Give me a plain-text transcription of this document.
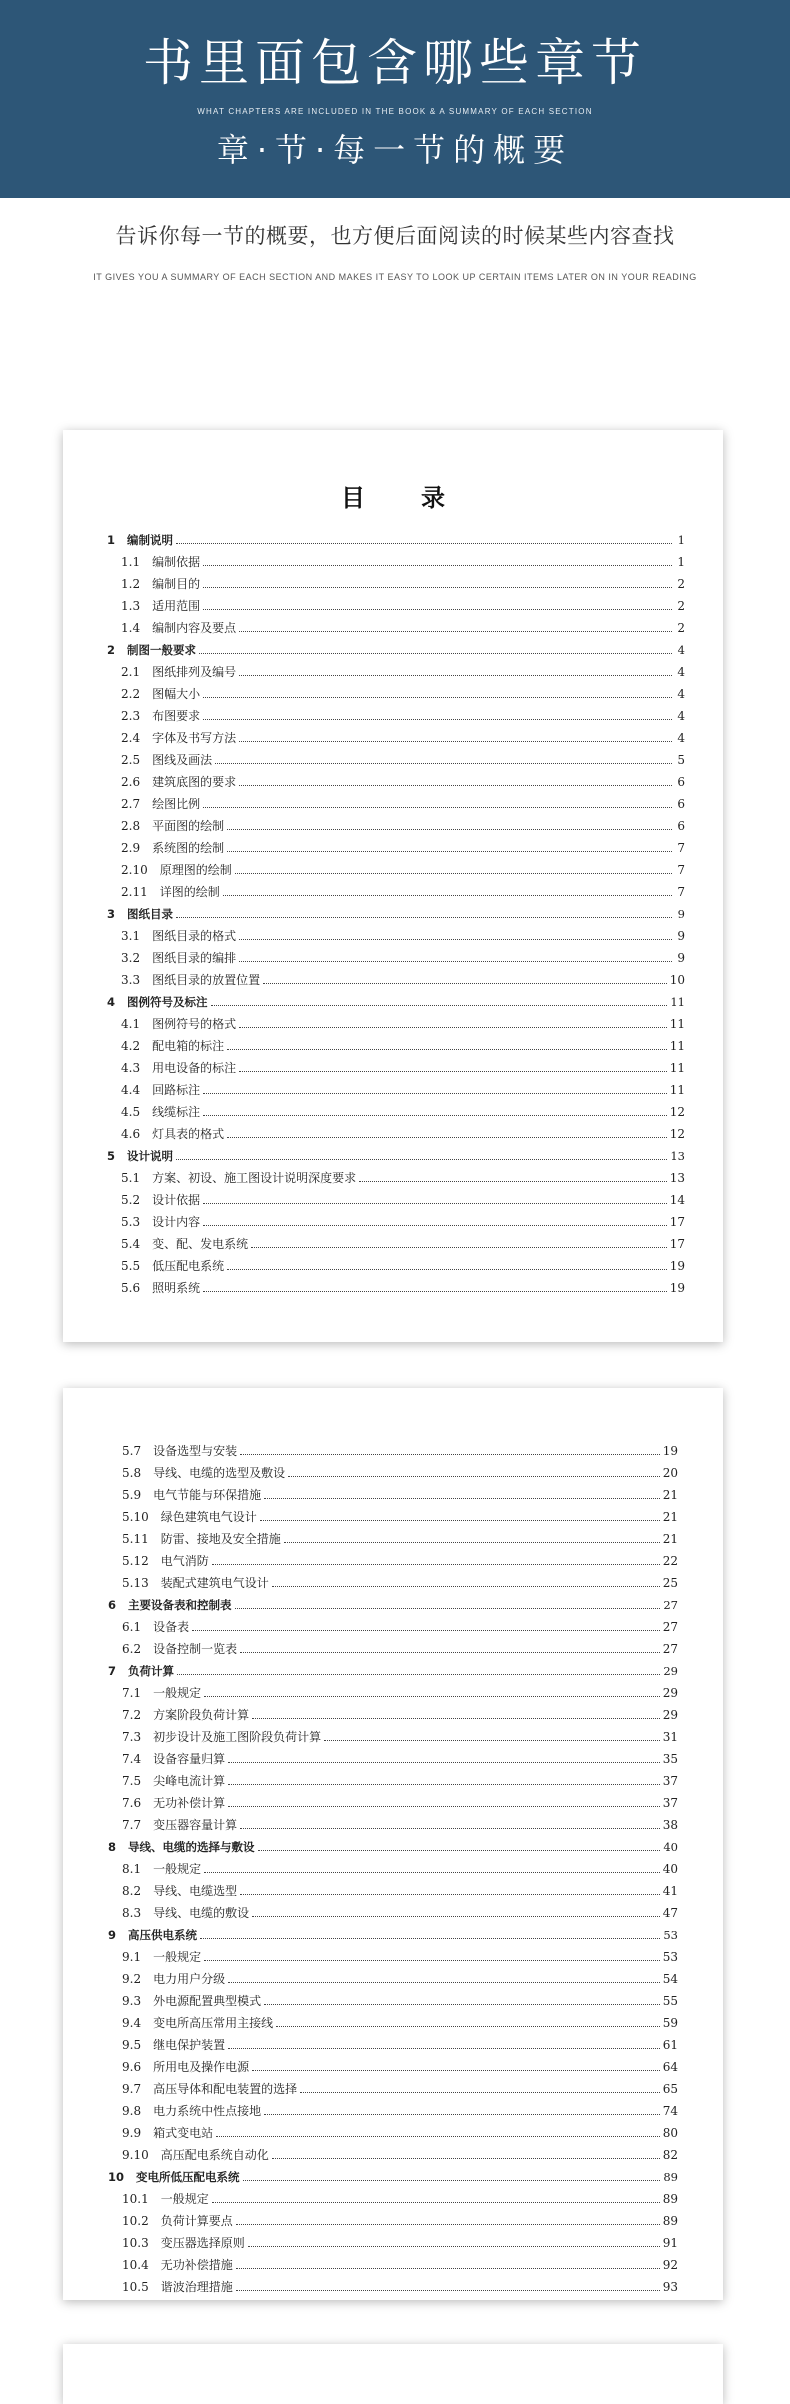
书里面包含哪些章节
WHAT CHAPTERS ARE INCLUDED IN THE BOOK & A SUMMARY OF EACH SECTION
章·节·每一节的概要
告诉你每一节的概要，也方便后面阅读的时候某些内容查找
IT GIVES YOU A SUMMARY OF EACH SECTION AND MAKES IT EASY TO LOOK UP CERTAIN ITEMS LATER ON IN YOUR READING
目录
1 编制说明	1
1.1 编制依据	1
1.2 编制目的	2
1.3 适用范围	2
1.4 编制内容及要点	2
2 制图一般要求	4
2.1 图纸排列及编号	4
2.2 图幅大小	4
2.3 布图要求	4
2.4 字体及书写方法	4
2.5 图线及画法	5
2.6 建筑底图的要求	6
2.7 绘图比例	6
2.8 平面图的绘制	6
2.9 系统图的绘制	7
2.10 原理图的绘制	7
2.11 详图的绘制	7
3 图纸目录	9
3.1 图纸目录的格式	9
3.2 图纸目录的编排	9
3.3 图纸目录的放置位置	10
4 图例符号及标注	11
4.1 图例符号的格式	11
4.2 配电箱的标注	11
4.3 用电设备的标注	11
4.4 回路标注	11
4.5 线缆标注	12
4.6 灯具表的格式	12
5 设计说明	13
5.1 方案、初设、施工图设计说明深度要求	13
5.2 设计依据	14
5.3 设计内容	17
5.4 变、配、发电系统	17
5.5 低压配电系统	19
5.6 照明系统	19
5.7 设备选型与安装	19
5.8 导线、电缆的选型及敷设	20
5.9 电气节能与环保措施	21
5.10 绿色建筑电气设计	21
5.11 防雷、接地及安全措施	21
5.12 电气消防	22
5.13 装配式建筑电气设计	25
6 主要设备表和控制表	27
6.1 设备表	27
6.2 设备控制一览表	27
7 负荷计算	29
7.1 一般规定	29
7.2 方案阶段负荷计算	29
7.3 初步设计及施工图阶段负荷计算	31
7.4 设备容量归算	35
7.5 尖峰电流计算	37
7.6 无功补偿计算	37
7.7 变压器容量计算	38
8 导线、电缆的选择与敷设	40
8.1 一般规定	40
8.2 导线、电缆选型	41
8.3 导线、电缆的敷设	47
9 高压供电系统	53
9.1 一般规定	53
9.2 电力用户分级	54
9.3 外电源配置典型模式	55
9.4 变电所高压常用主接线	59
9.5 继电保护装置	61
9.6 所用电及操作电源	64
9.7 高压导体和配电装置的选择	65
9.8 电力系统中性点接地	74
9.9 箱式变电站	80
9.10 高压配电系统自动化	82
10 变电所低压配电系统	89
10.1 一般规定	89
10.2 负荷计算要点	89
10.3 变压器选择原则	91
10.4 无功补偿措施	92
10.5 谐波治理措施	93
